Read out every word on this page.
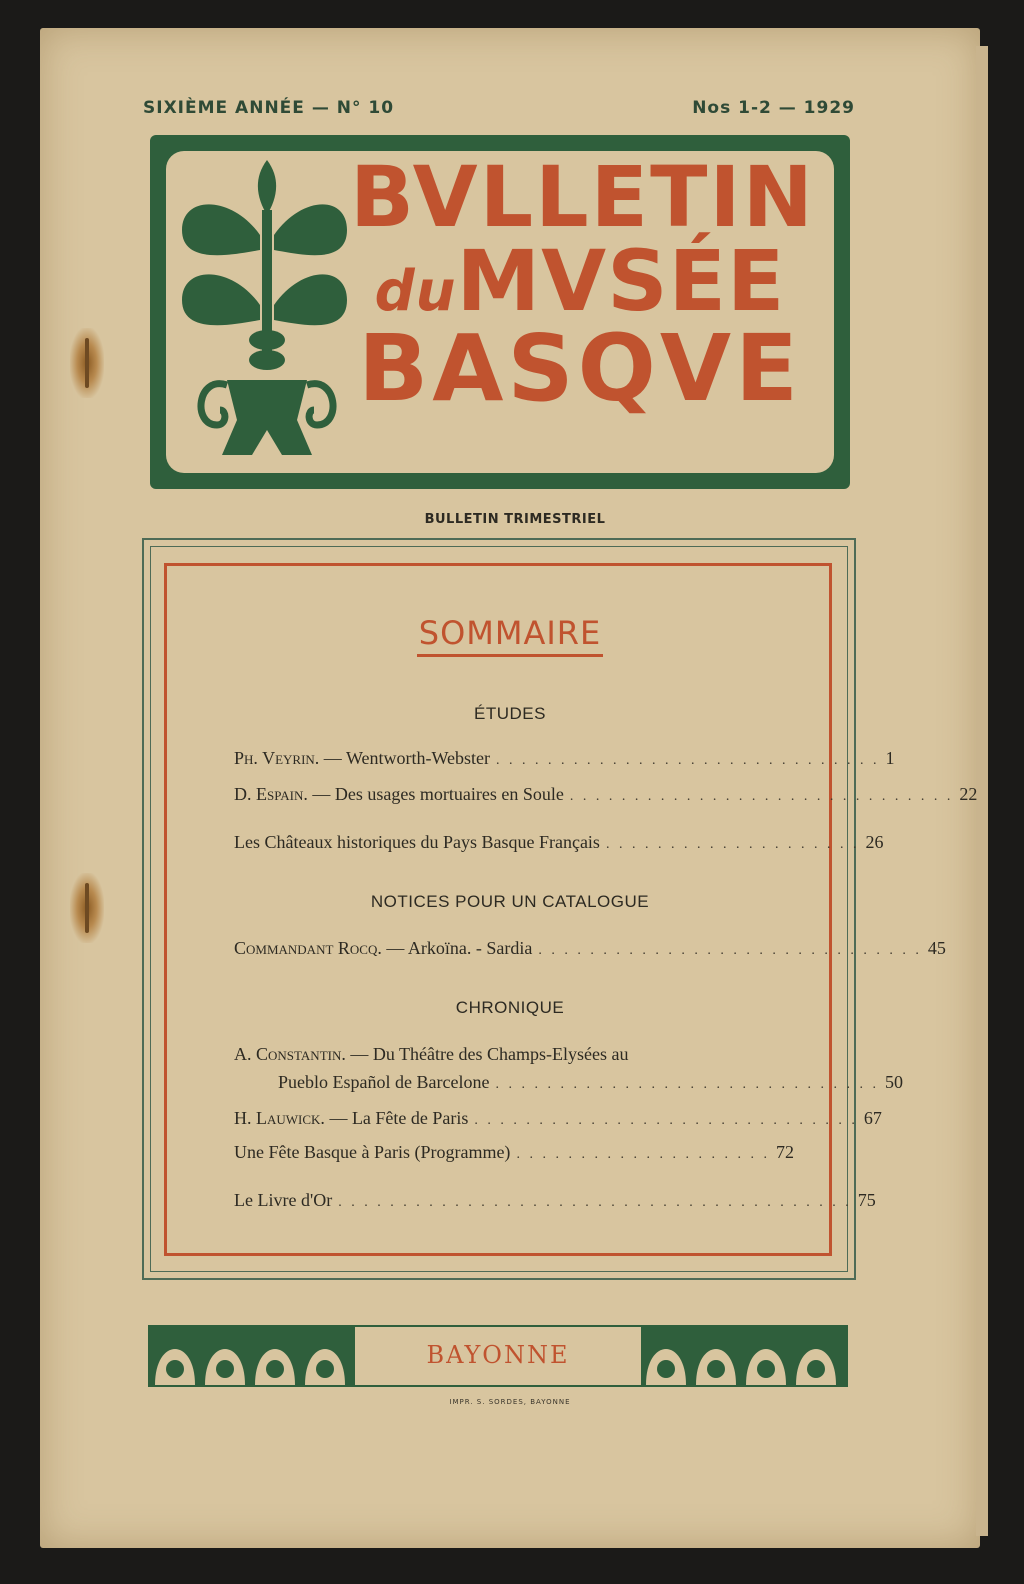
SIXIÈME ANNÉE — N° 10	Nos 1-2 — 1929
BVLLETIN
duMVSÉE
BASQVE
BULLETIN TRIMESTRIEL
SOMMAIRE
ÉTUDES
Ph. Veyrin. — Wentworth-Webster . . . . . . . . . . . . . . . . . . . . . . . . . . . . . . 1
D. Espain. — Des usages mortuaires en Soule . . . . . . . . . . . . . . . . . . . . . . . . . . . . . . 22
Les Châteaux historiques du Pays Basque Français . . . . . . . . . . . . . . . . . . . . 26
NOTICES POUR UN CATALOGUE
Commandant Rocq. — Arkoïna. - Sardia . . . . . . . . . . . . . . . . . . . . . . . . . . . . . . 45
CHRONIQUE
A. Constantin. — Du Théâtre des Champs-Elysées au
Pueblo Español de Barcelone . . . . . . . . . . . . . . . . . . . . . . . . . . . . . . 50
H. Lauwick. — La Fête de Paris . . . . . . . . . . . . . . . . . . . . . . . . . . . . . . 67
Une Fête Basque à Paris (Programme) . . . . . . . . . . . . . . . . . . . . 72
Le Livre d'Or . . . . . . . . . . . . . . . . . . . . . . . . . . . . . . . . . . . . . . . . 75
BAYONNE
IMPR. S. SORDES, BAYONNE
